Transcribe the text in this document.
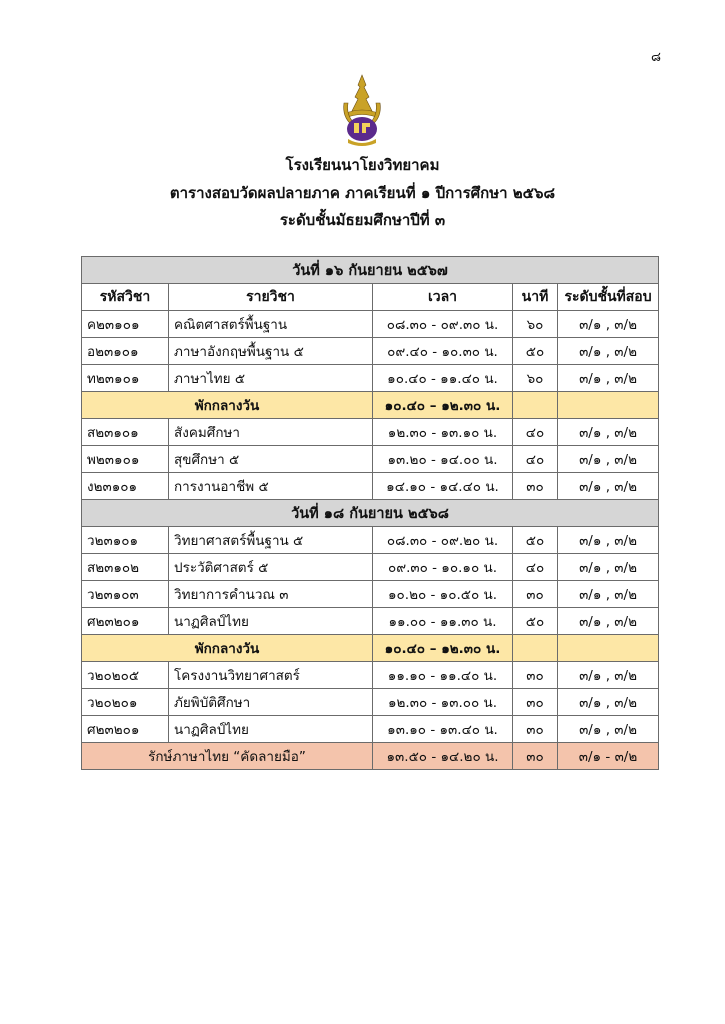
๘
โรงเรียนนาโยงวิทยาคม
ตารางสอบวัดผลปลายภาค ภาคเรียนที่ ๑ ปีการศึกษา ๒๕๖๘
ระดับชั้นมัธยมศึกษาปีที่ ๓
วันที่ ๑๖ กันยายน ๒๕๖๗				
รหัสวิชา	รายวิชา	เวลา	นาที	ระดับชั้นที่สอบ
ค๒๓๑๐๑	คณิตศาสตร์พื้นฐาน	๐๘.๓๐ - ๐๙.๓๐ น.	๖๐	๓/๑ , ๓/๒
อ๒๓๑๐๑	ภาษาอังกฤษพื้นฐาน ๕	๐๙.๔๐ - ๑๐.๓๐ น.	๕๐	๓/๑ , ๓/๒
ท๒๓๑๐๑	ภาษาไทย ๕	๑๐.๔๐ - ๑๑.๔๐ น.	๖๐	๓/๑ , ๓/๒
พักกลางวัน		๑๐.๔๐ – ๑๒.๓๐ น.		
ส๒๓๑๐๑	สังคมศึกษา	๑๒.๓๐ - ๑๓.๑๐ น.	๔๐	๓/๑ , ๓/๒
พ๒๓๑๐๑	สุขศึกษา ๕	๑๓.๒๐ - ๑๔.๐๐ น.	๔๐	๓/๑ , ๓/๒
ง๒๓๑๐๑	การงานอาชีพ ๕	๑๔.๑๐ - ๑๔.๔๐ น.	๓๐	๓/๑ , ๓/๒
วันที่ ๑๘ กันยายน ๒๕๖๘				
ว๒๓๑๐๑	วิทยาศาสตร์พื้นฐาน ๕	๐๘.๓๐ - ๐๙.๒๐ น.	๕๐	๓/๑ , ๓/๒
ส๒๓๑๐๒	ประวัติศาสตร์ ๕	๐๙.๓๐ - ๑๐.๑๐ น.	๔๐	๓/๑ , ๓/๒
ว๒๓๑๐๓	วิทยาการคำนวณ ๓	๑๐.๒๐ - ๑๐.๕๐ น.	๓๐	๓/๑ , ๓/๒
ศ๒๓๒๐๑	นาฏศิลป์ไทย	๑๑.๐๐ - ๑๑.๓๐ น.	๕๐	๓/๑ , ๓/๒
พักกลางวัน		๑๐.๔๐ – ๑๒.๓๐ น.		
ว๒๐๒๐๕	โครงงานวิทยาศาสตร์	๑๑.๑๐ - ๑๑.๔๐ น.	๓๐	๓/๑ , ๓/๒
ว๒๐๒๐๑	ภัยพิบัติศึกษา	๑๒.๓๐ - ๑๓.๐๐ น.	๓๐	๓/๑ , ๓/๒
ศ๒๓๒๐๑	นาฏศิลป์ไทย	๑๓.๑๐ - ๑๓.๔๐ น.	๓๐	๓/๑ , ๓/๒
รักษ์ภาษาไทย “คัดลายมือ”		๑๓.๕๐ - ๑๔.๒๐ น.	๓๐	๓/๑ - ๓/๒
